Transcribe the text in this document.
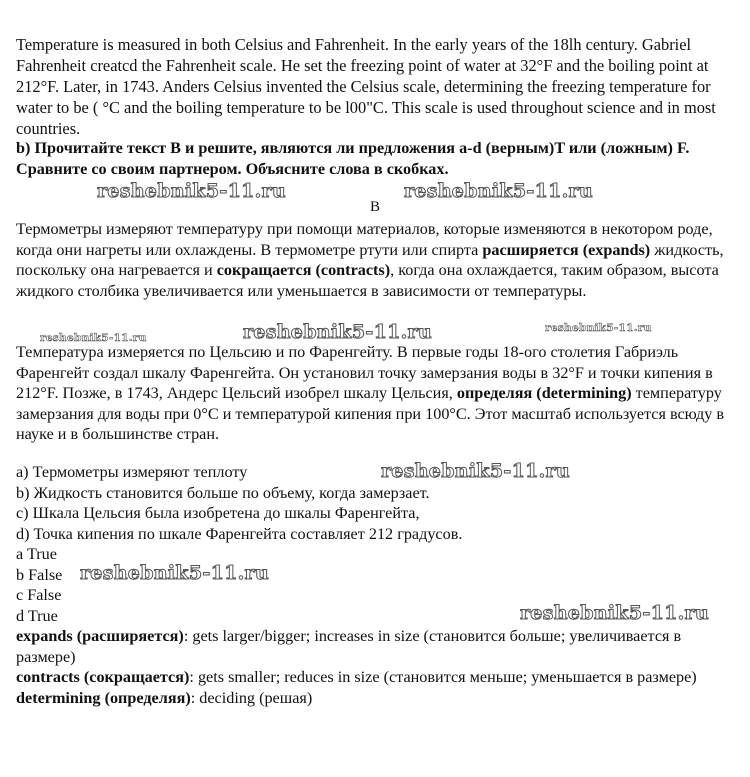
Temperature is measured in both Celsius and Fahrenheit. In the early years of the 18lh century. Gabriel Fahrenheit creatcd the Fahrenheit scale. He set the freezing point of water at 32°F and the boiling point at 212°F. Later, in 1743. Anders Celsius invented the Celsius scale, determining the freezing temperature for water to be ( °C and the boiling temperature to be l00"C. This scale is used throughout science and in most countries.

b) Прочитайте текст B и решите, являются ли предложения a-d (верным)T или (ложным) F. Сравните со своим партнером. Объясните слова в скобках.

reshebnik5-11.ru	reshebnik5-11.ru
B

Термометры измеряют температуру при помощи материалов, которые изменяются в некотором роде, когда они нагреты или охлаждены. В термометре ртути или спирта расширяется (expands) жидкость, поскольку она нагревается и сокращается (contracts), когда она охлаждается, таким образом, высота жидкого столбика увеличивается или уменьшается в зависимости от температуры.

reshebnik5-11.ru	reshebnik5-11.ru	reshebnik5-11.ru

Температура измеряется по Цельсию и по Фаренгейту. В первые годы 18-ого столетия Габриэль Фаренгейт создал шкалу Фаренгейта. Он установил точку замерзания воды в 32°F и точки кипения в 212°F. Позже, в 1743, Андерс Цельсий изобрел шкалу Цельсия, определяя (determining) температуру замерзания для воды при 0°C и температурой кипения при 100°C. Этот масштаб используется всюду в науке и в большинстве стран.

a) Термометры измеряют теплоту

b) Жидкость становится больше по объему, когда замерзает.

c) Шкала Цельсия была изобретена до шкалы Фаренгейта,

d) Точка кипения по шкале Фаренгейта составляет 212 градусов.

a True

b False

c False

d True

reshebnik5-11.ru
reshebnik5-11.ru
reshebnik5-11.ru

expands (расширяется): gets larger/bigger; increases in size (становится больше; увеличивается в размере)

contracts (сокращается): gets smaller; reduces in size (становится меньше; уменьшается в размере)

determining (определяя): deciding (решая)
